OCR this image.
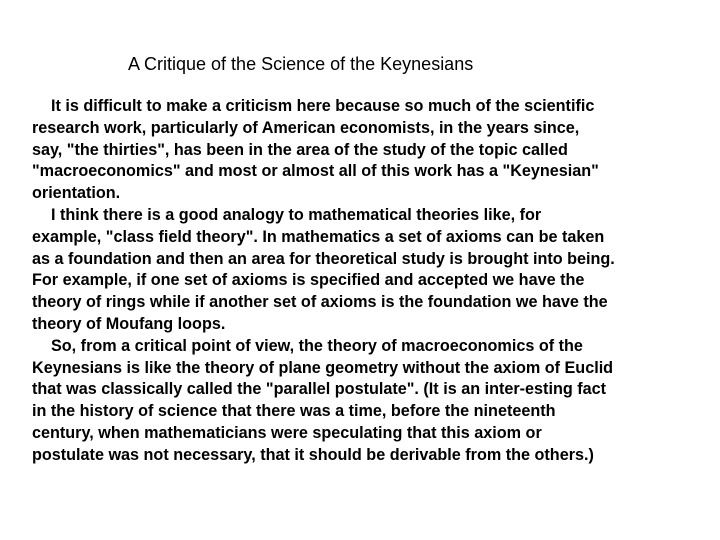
A Critique of the Science of the Keynesians
It is difficult to make a criticism here because so much of the scientific
research work, particularly of American economists, in the years since,
say, "the thirties", has been in the area of the study of the topic called
"macroeconomics" and most or almost all of this work has a "Keynesian"
orientation.
I think there is a good analogy to mathematical theories like, for
example, "class field theory". In mathematics a set of axioms can be taken
as a foundation and then an area for theoretical study is brought into being.
For example, if one set of axioms is specified and accepted we have the
theory of rings while if another set of axioms is the foundation we have the
theory of Moufang loops.
So, from a critical point of view, the theory of macroeconomics of the
Keynesians is like the theory of plane geometry without the axiom of Euclid
that was classically called the "parallel postulate". (It is an inter-esting fact
in the history of science that there was a time, before the nineteenth
century, when mathematicians were speculating that this axiom or
postulate was not necessary, that it should be derivable from the others.)
